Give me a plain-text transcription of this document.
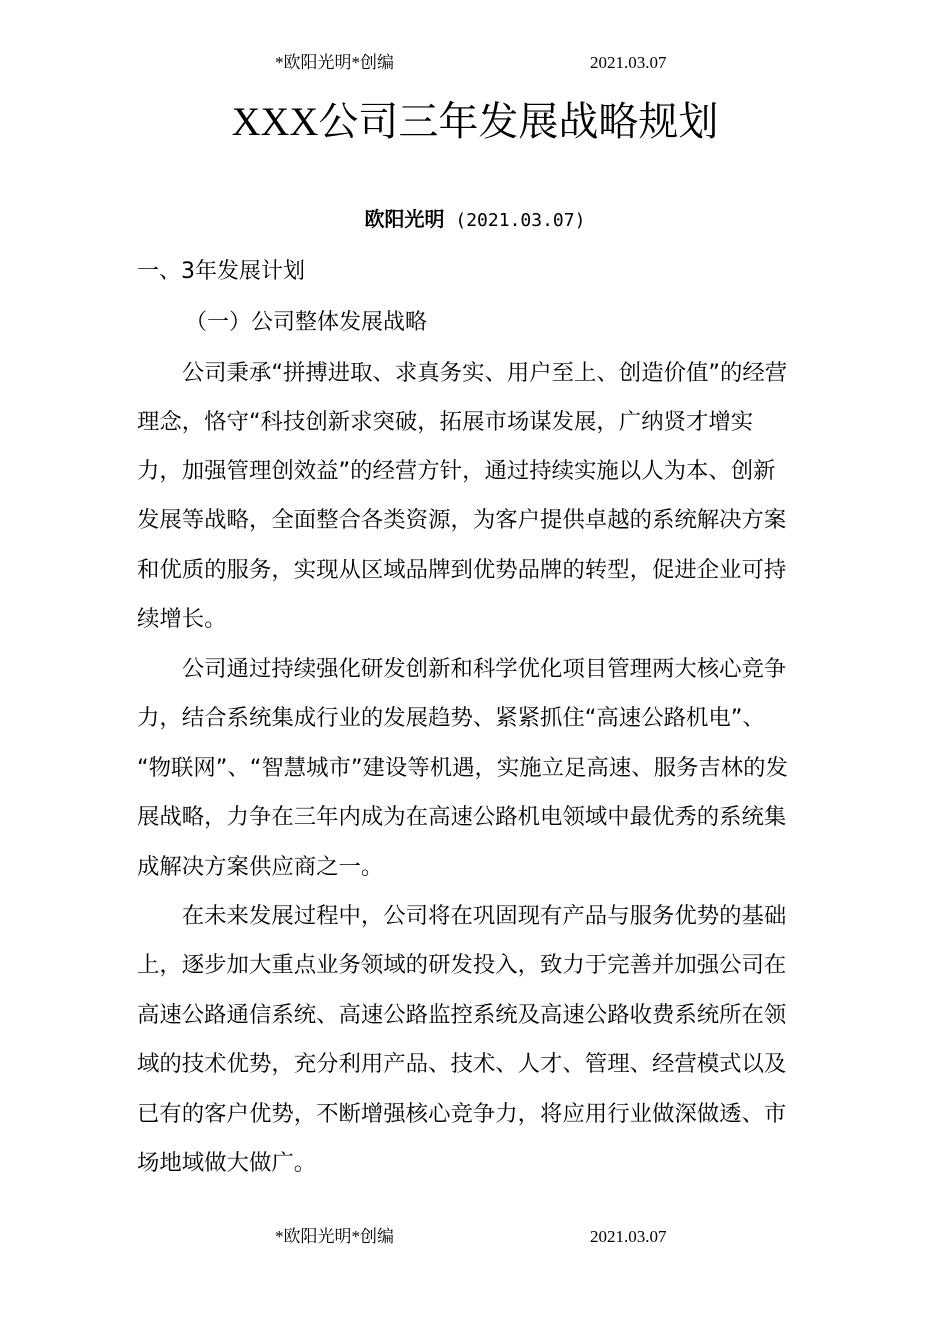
*欧阳光明*创编	2021.03.07
XXX公司三年发展战略规划
欧阳光明 (2021.03.07)
一、3年发展计划
（一）公司整体发展战略
　　公司秉承“拼搏进取、求真务实、用户至上、创造价值”的经营
理念，恪守“科技创新求突破，拓展市场谋发展，广纳贤才增实
力，加强管理创效益”的经营方针，通过持续实施以人为本、创新
发展等战略，全面整合各类资源，为客户提供卓越的系统解决方案
和优质的服务，实现从区域品牌到优势品牌的转型，促进企业可持
续增长。
　　公司通过持续强化研发创新和科学优化项目管理两大核心竞争
力，结合系统集成行业的发展趋势、紧紧抓住“高速公路机电”、
“物联网”、“智慧城市”建设等机遇，实施立足高速、服务吉林的发
展战略，力争在三年内成为在高速公路机电领域中最优秀的系统集
成解决方案供应商之一。
　　在未来发展过程中，公司将在巩固现有产品与服务优势的基础
上，逐步加大重点业务领域的研发投入，致力于完善并加强公司在
高速公路通信系统、高速公路监控系统及高速公路收费系统所在领
域的技术优势，充分利用产品、技术、人才、管理、经营模式以及
已有的客户优势，不断增强核心竞争力，将应用行业做深做透、市
场地域做大做广。
*欧阳光明*创编	2021.03.07
